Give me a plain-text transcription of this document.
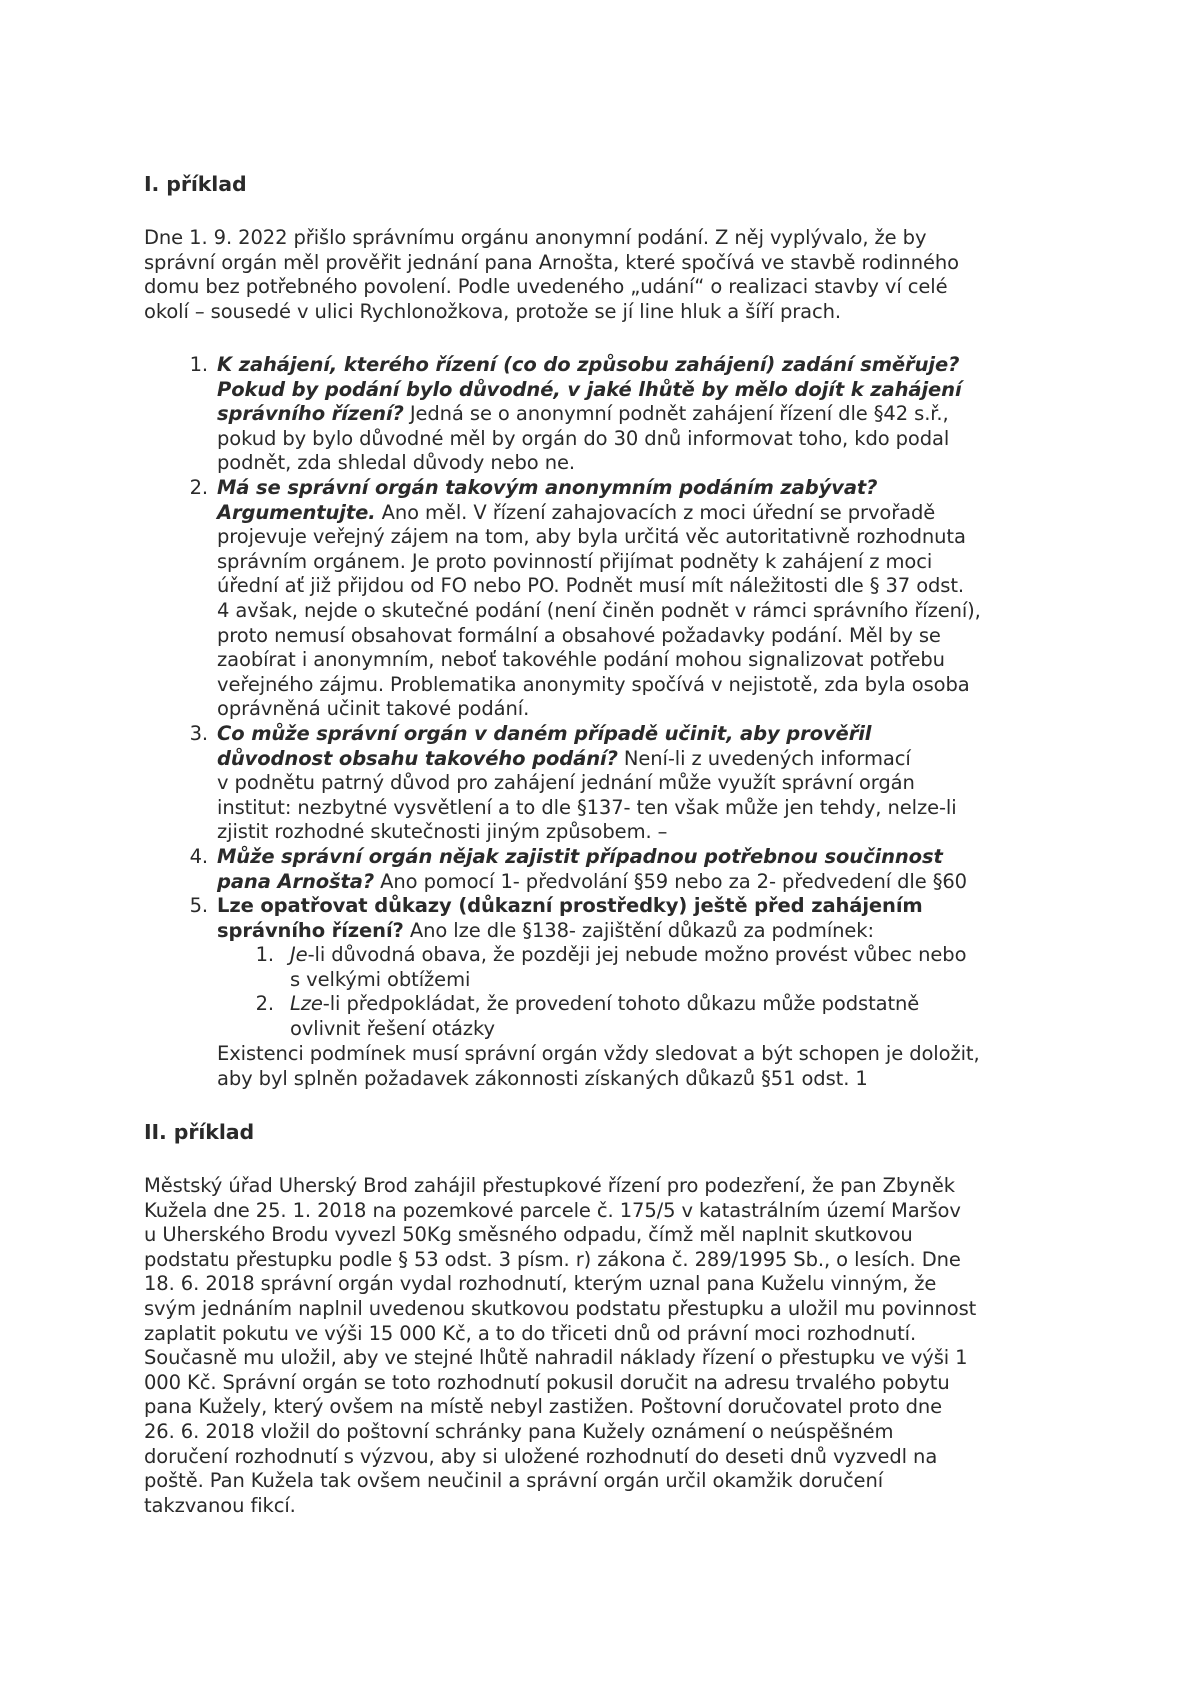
I. příklad
Dne 1. 9. 2022 přišlo správnímu orgánu anonymní podání. Z něj vyplývalo, že by
správní orgán měl prověřit jednání pana Arnošta, které spočívá ve stavbě rodinného
domu bez potřebného povolení. Podle uvedeného „udání“ o realizaci stavby ví celé
okolí – sousedé v ulici Rychlonožkova, protože se jí line hluk a šíří prach.
1. K zahájení, kterého řízení (co do způsobu zahájení) zadání směřuje?
Pokud by podání bylo důvodné, v jaké lhůtě by mělo dojít k zahájení
správního řízení? Jedná se o anonymní podnět zahájení řízení dle §42 s.ř.,
pokud by bylo důvodné měl by orgán do 30 dnů informovat toho, kdo podal
podnět, zda shledal důvody nebo ne.
2. Má se správní orgán takovým anonymním podáním zabývat?
Argumentujte. Ano měl. V řízení zahajovacích z moci úřední se prvořadě
projevuje veřejný zájem na tom, aby byla určitá věc autoritativně rozhodnuta
správním orgánem. Je proto povinností přijímat podněty k zahájení z moci
úřední ať již přijdou od FO nebo PO. Podnět musí mít náležitosti dle § 37 odst.
4 avšak, nejde o skutečné podání (není činěn podnět v rámci správního řízení),
proto nemusí obsahovat formální a obsahové požadavky podání. Měl by se
zaobírat i anonymním, neboť takovéhle podání mohou signalizovat potřebu
veřejného zájmu. Problematika anonymity spočívá v nejistotě, zda byla osoba
oprávněná učinit takové podání.
3. Co může správní orgán v daném případě učinit, aby prověřil
důvodnost obsahu takového podání? Není-li z uvedených informací
v podnětu patrný důvod pro zahájení jednání může využít správní orgán
institut: nezbytné vysvětlení a to dle §137- ten však může jen tehdy, nelze-li
zjistit rozhodné skutečnosti jiným způsobem. –
4. Může správní orgán nějak zajistit případnou potřebnou součinnost
pana Arnošta? Ano pomocí 1- předvolání §59 nebo za 2- předvedení dle §60
5. Lze opatřovat důkazy (důkazní prostředky) ještě před zahájením
správního řízení? Ano lze dle §138- zajištění důkazů za podmínek:
1. Je-li důvodná obava, že později jej nebude možno provést vůbec nebo
s velkými obtížemi
2. Lze-li předpokládat, že provedení tohoto důkazu může podstatně
ovlivnit řešení otázky
Existenci podmínek musí správní orgán vždy sledovat a být schopen je doložit,
aby byl splněn požadavek zákonnosti získaných důkazů §51 odst. 1
II. příklad
Městský úřad Uherský Brod zahájil přestupkové řízení pro podezření, že pan Zbyněk
Kužela dne 25. 1. 2018 na pozemkové parcele č. 175/5 v katastrálním území Maršov
u Uherského Brodu vyvezl 50Kg směsného odpadu, čímž měl naplnit skutkovou
podstatu přestupku podle § 53 odst. 3 písm. r) zákona č. 289/1995 Sb., o lesích. Dne
18. 6. 2018 správní orgán vydal rozhodnutí, kterým uznal pana Kuželu vinným, že
svým jednáním naplnil uvedenou skutkovou podstatu přestupku a uložil mu povinnost
zaplatit pokutu ve výši 15 000 Kč, a to do třiceti dnů od právní moci rozhodnutí.
Současně mu uložil, aby ve stejné lhůtě nahradil náklady řízení o přestupku ve výši 1
000 Kč. Správní orgán se toto rozhodnutí pokusil doručit na adresu trvalého pobytu
pana Kužely, který ovšem na místě nebyl zastižen. Poštovní doručovatel proto dne
26. 6. 2018 vložil do poštovní schránky pana Kužely oznámení o neúspěšném
doručení rozhodnutí s výzvou, aby si uložené rozhodnutí do deseti dnů vyzvedl na
poště. Pan Kužela tak ovšem neučinil a správní orgán určil okamžik doručení
takzvanou fikcí.
